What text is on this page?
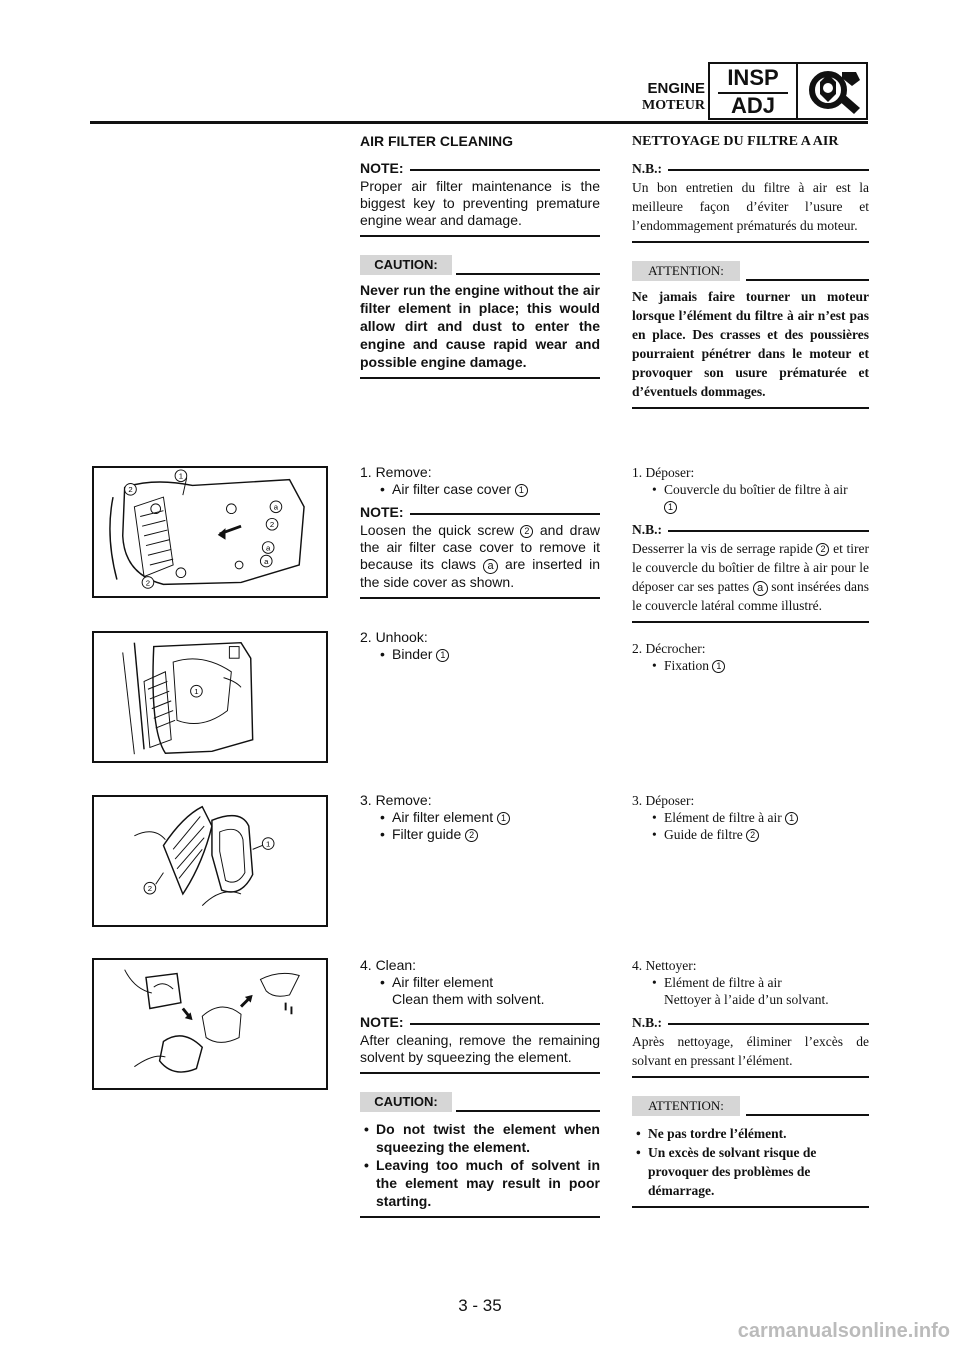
ENGINE
MOTEUR
INSP
ADJ

AIR FILTER CLEANING

NOTE:
Proper air filter maintenance is the biggest key to preventing premature engine wear and damage.
CAUTION:
Never run the engine without the air filter element in place; this would allow dirt and dust to enter the engine and cause rapid wear and possible engine damage.

NETTOYAGE DU FILTRE A AIR

N.B.:
Un bon entretien du filtre à air est la meilleure façon d’éviter l’usure et l’endommagement prématurés du moteur.
ATTENTION:
Ne jamais faire tourner un moteur lorsque l’élément du filtre à air n’est pas en place. Des crasses et des poussières pourraient pénétrer dans le moteur et provoquer son usure prématurée et d’éventuels dommages.
1
2
a
2
a
a
2
1
1
2
1. Remove:
• Air filter case cover 1
NOTE:
Loosen the quick screw 2 and draw the air filter case cover to remove it because its claws a are inserted in the side cover as shown.
1. Déposer:
• Couvercle du boîtier de filtre à air
1
N.B.:
Desserrer la vis de serrage rapide 2 et tirer le couvercle du boîtier de filtre à air pour le déposer car ses pattes a sont insérées dans le couvercle latéral comme illustré.
2. Unhook:
• Binder 1	2. Décrocher:
• Fixation 1
3. Remove:
• Air filter element 1
• Filter guide 2
3. Déposer:
• Elément de filtre à air 1
• Guide de filtre 2
4. Clean:
• Air filter element
Clean them with solvent.
NOTE:
After cleaning, remove the remaining solvent by squeezing the element.
CAUTION:
• Do not twist the element when squeezing the element.
• Leaving too much of solvent in the element may result in poor starting.
4. Nettoyer:
• Elément de filtre à air
Nettoyer à l’aide d’un solvant.
N.B.:
Après nettoyage, éliminer l’excès de solvant en pressant l’élément.
ATTENTION:
• Ne pas tordre l’élément.
• Un excès de solvant risque de provoquer des problèmes de démarrage.
3 - 35
carmanualsonline.info
